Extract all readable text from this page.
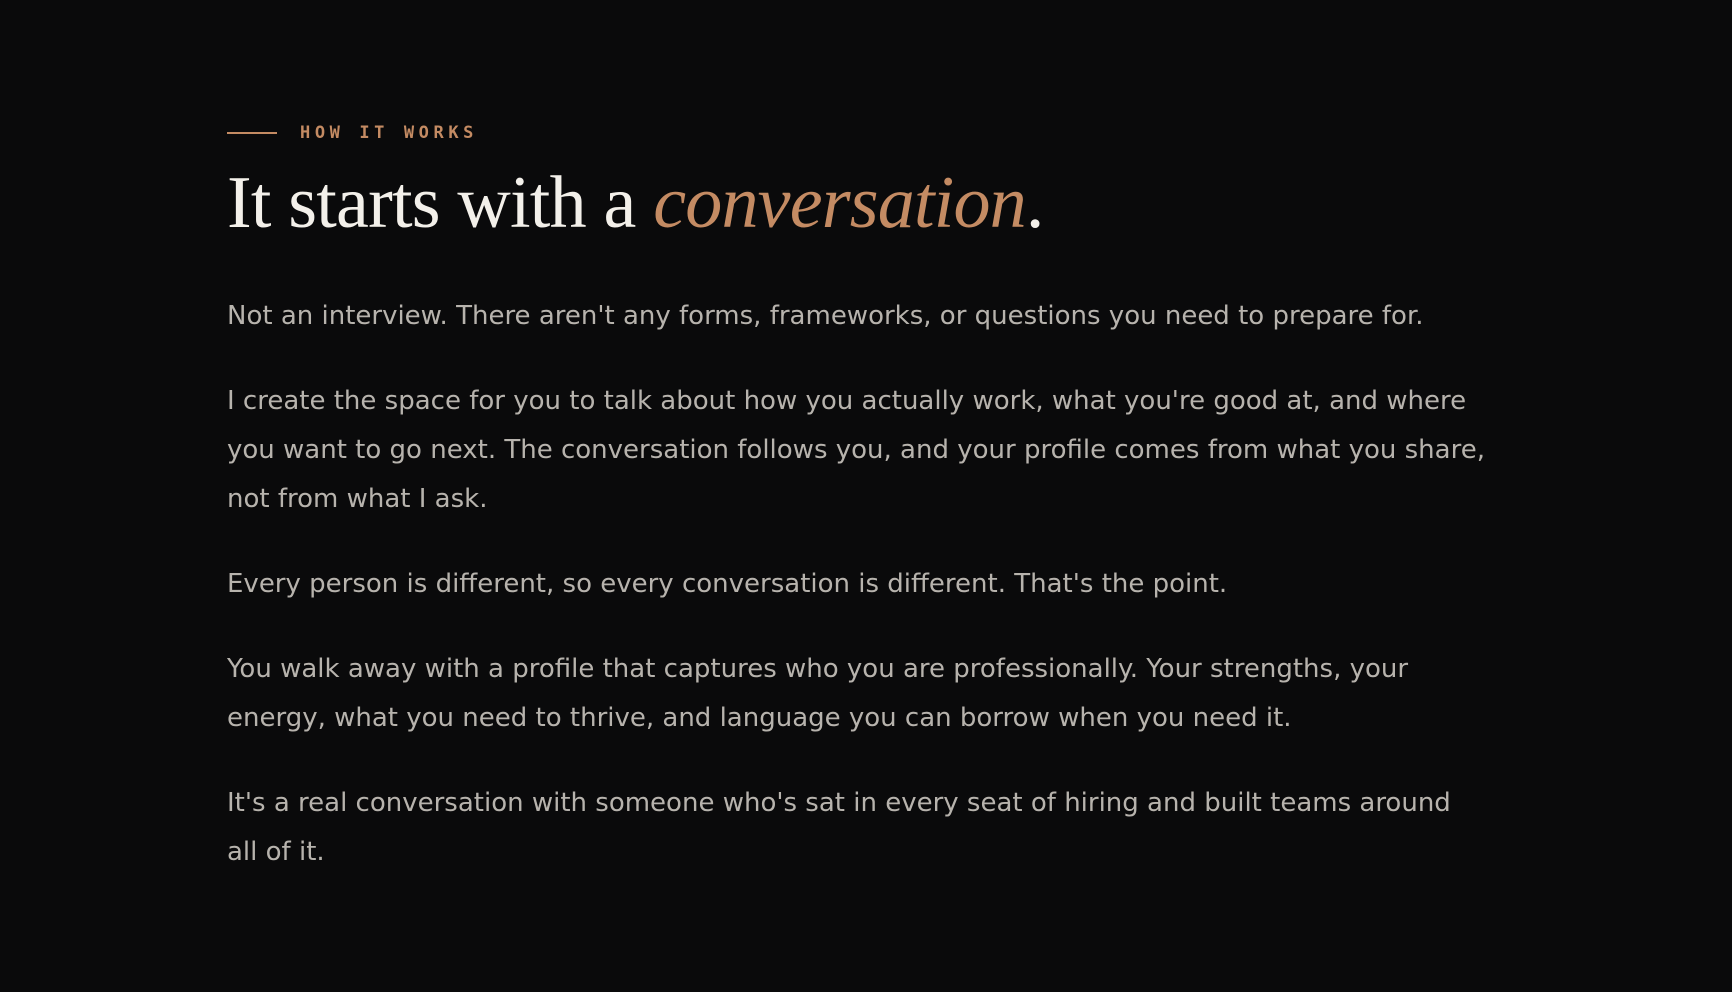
HOW IT WORKS
It starts with a conversation.

Not an interview. There aren't any forms, frameworks, or questions you need to prepare for.

I create the space for you to talk about how you actually work, what you're good at, and where you want to go next. The conversation follows you, and your profile comes from what you share, not from what I ask.

Every person is different, so every conversation is different. That's the point.

You walk away with a profile that captures who you are professionally. Your strengths, your energy, what you need to thrive, and language you can borrow when you need it.

It's a real conversation with someone who's sat in every seat of hiring and built teams around all of it.
